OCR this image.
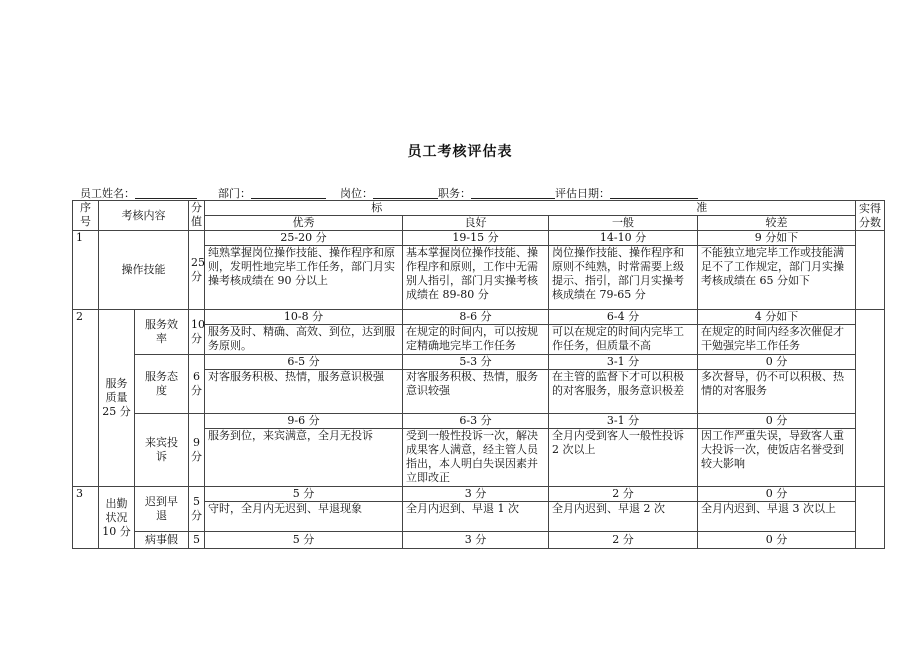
员工考核评估表
员工姓名：	部门：	岗位：	职务：	评估日期：
序号	考核内容		分值	标		准		实得分数
				优秀	良好	一般	较差	
1	操作技能		25分	25-20 分	19-15 分	14-10 分	9 分如下	
				纯熟掌握岗位操作技能、操作程序和原则，发明性地完毕工作任务，部门月实操考核成绩在 90 分以上	基本掌握岗位操作技能、操作程序和原则，工作中无需别人指引，部门月实操考核成绩在 89-80 分	岗位操作技能、操作程序和原则不纯熟，时常需要上级提示、指引，部门月实操考核成绩在 79-65 分	不能独立地完毕工作或技能满足不了工作规定，部门月实操考核成绩在 65 分如下	
2	服务质量25 分	服务效率	10分	10-8 分	8-6 分	6-4 分	4 分如下	
				服务及时、精确、高效、到位，达到服务原则。	在规定的时间内，可以按规定精确地完毕工作任务	可以在规定的时间内完毕工作任务，但质量不高	在规定的时间内经多次催促才干勉强完毕工作任务	
		服务态度	6分	6-5 分	5-3 分	3-1 分	0 分	
				对客服务积极、热情，服务意识极强	对客服务积极、热情，服务意识较强	在主管的监督下才可以积极的对客服务，服务意识极差	多次督导，仍不可以积极、热情的对客服务	
		来宾投诉	9分	9-6 分	6-3 分	3-1 分	0 分	
				服务到位，来宾满意，全月无投诉	受到一般性投诉一次，解决成果客人满意，经主管人员指出，本人明白失误因素并立即改正	全月内受到客人一般性投诉 2 次以上	因工作严重失误，导致客人重大投诉一次，使饭店名誉受到较大影响	
3	出勤状况10 分	迟到早退	5分	5 分	3 分	2 分	0 分	
				守时，全月内无迟到、早退现象	全月内迟到、早退 1 次	全月内迟到、早退 2 次	全月内迟到、早退 3 次以上	
		病事假	5	5 分	3 分	2 分	0 分	
